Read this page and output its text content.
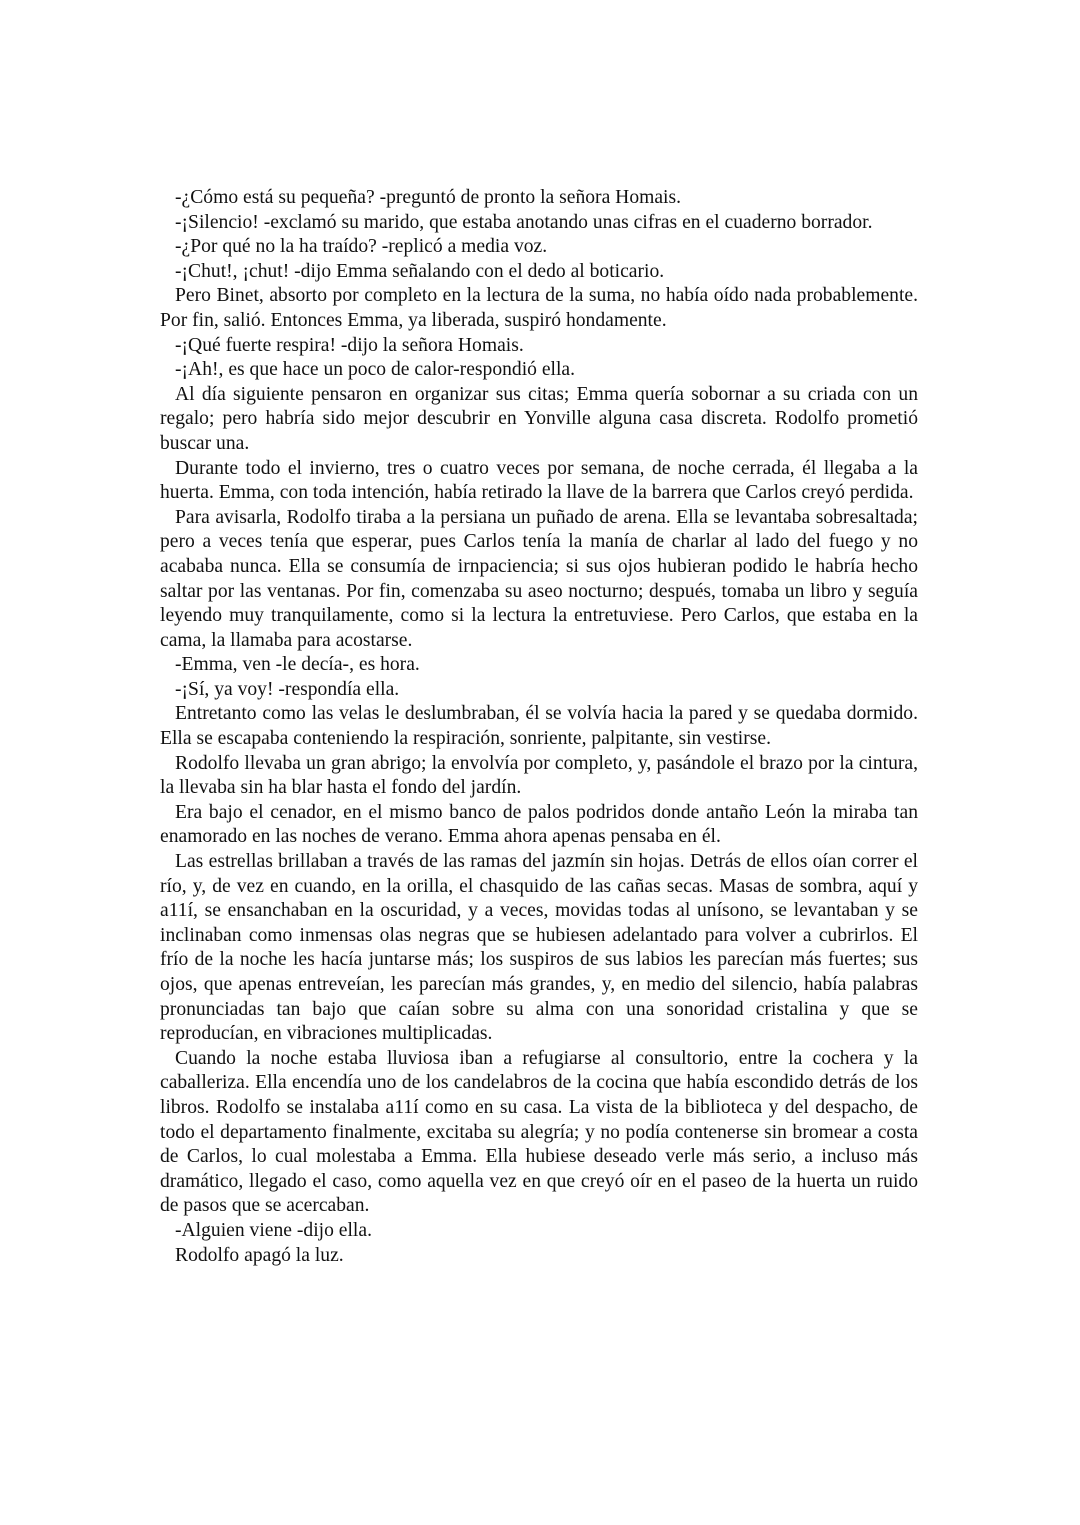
-¿Cómo está su pequeña? -preguntó de pronto la señora Homais.

-¡Silencio! -exclamó su marido, que estaba anotando unas cifras en el cuaderno borrador.

-¿Por qué no la ha traído? -replicó a media voz.

-¡Chut!, ¡chut! -dijo Emma señalando con el dedo al boticario.

Pero Binet, absorto por completo en la lectura de la suma, no había oído nada probablemente. Por fin, salió. Entonces Emma, ya liberada, suspiró hondamente.

-¡Qué fuerte respira! -dijo la señora Homais.

-¡Ah!, es que hace un poco de calor-respondió ella.

Al día siguiente pensaron en organizar sus citas; Emma quería sobornar a su criada con un regalo; pero habría sido mejor descubrir en Yonville alguna casa discreta. Rodolfo prometió buscar una.

Durante todo el invierno, tres o cuatro veces por semana, de noche cerrada, él llegaba a la huerta. Emma, con toda intención, había retirado la llave de la barrera que Carlos creyó perdida.

Para avisarla, Rodolfo tiraba a la persiana un puñado de arena. Ella se levantaba sobresaltada; pero a veces tenía que esperar, pues Carlos tenía la manía de charlar al lado del fuego y no acababa nunca. Ella se consumía de irnpaciencia; si sus ojos hubieran podido le habría hecho saltar por las ventanas. Por fin, comenzaba su aseo nocturno; después, tomaba un libro y seguía leyendo muy tranquilamente, como si la lectura la entretuviese. Pero Carlos, que estaba en la cama, la llamaba para acostarse.

-Emma, ven -le decía-, es hora.

-¡Sí, ya voy! -respondía ella.

Entretanto como las velas le deslumbraban, él se volvía hacia la pared y se quedaba dormido. Ella se escapaba conteniendo la respiración, sonriente, palpitante, sin vestirse.

Rodolfo llevaba un gran abrigo; la envolvía por completo, y, pasándole el brazo por la cintura, la llevaba sin ha blar hasta el fondo del jardín.

Era bajo el cenador, en el mismo banco de palos podridos donde antaño León la miraba tan enamorado en las noches de verano. Emma ahora apenas pensaba en él.

Las estrellas brillaban a través de las ramas del jazmín sin hojas. Detrás de ellos oían correr el río, y, de vez en cuando, en la orilla, el chasquido de las cañas secas. Masas de sombra, aquí y a11í, se ensanchaban en la oscuridad, y a veces, movidas todas al unísono, se levantaban y se inclinaban como inmensas olas negras que se hubiesen adelantado para volver a cubrirlos. El frío de la noche les hacía juntarse más; los suspiros de sus labios les parecían más fuertes; sus ojos, que apenas entreveían, les parecían más grandes, y, en medio del silencio, había palabras pronunciadas tan bajo que caían sobre su alma con una sonoridad cristalina y que se reproducían, en vibraciones multiplicadas.

Cuando la noche estaba lluviosa iban a refugiarse al consultorio, entre la cochera y la caballeriza. Ella encendía uno de los candelabros de la cocina que había escondido detrás de los libros. Rodolfo se instalaba a11í como en su casa. La vista de la biblioteca y del despacho, de todo el departamento finalmente, excitaba su alegría; y no podía contenerse sin bromear a costa de Carlos, lo cual molestaba a Emma. Ella hubiese deseado verle más serio, a incluso más dramático, llegado el caso, como aquella vez en que creyó oír en el paseo de la huerta un ruido de pasos que se acercaban.

-Alguien viene -dijo ella.

Rodolfo apagó la luz.
